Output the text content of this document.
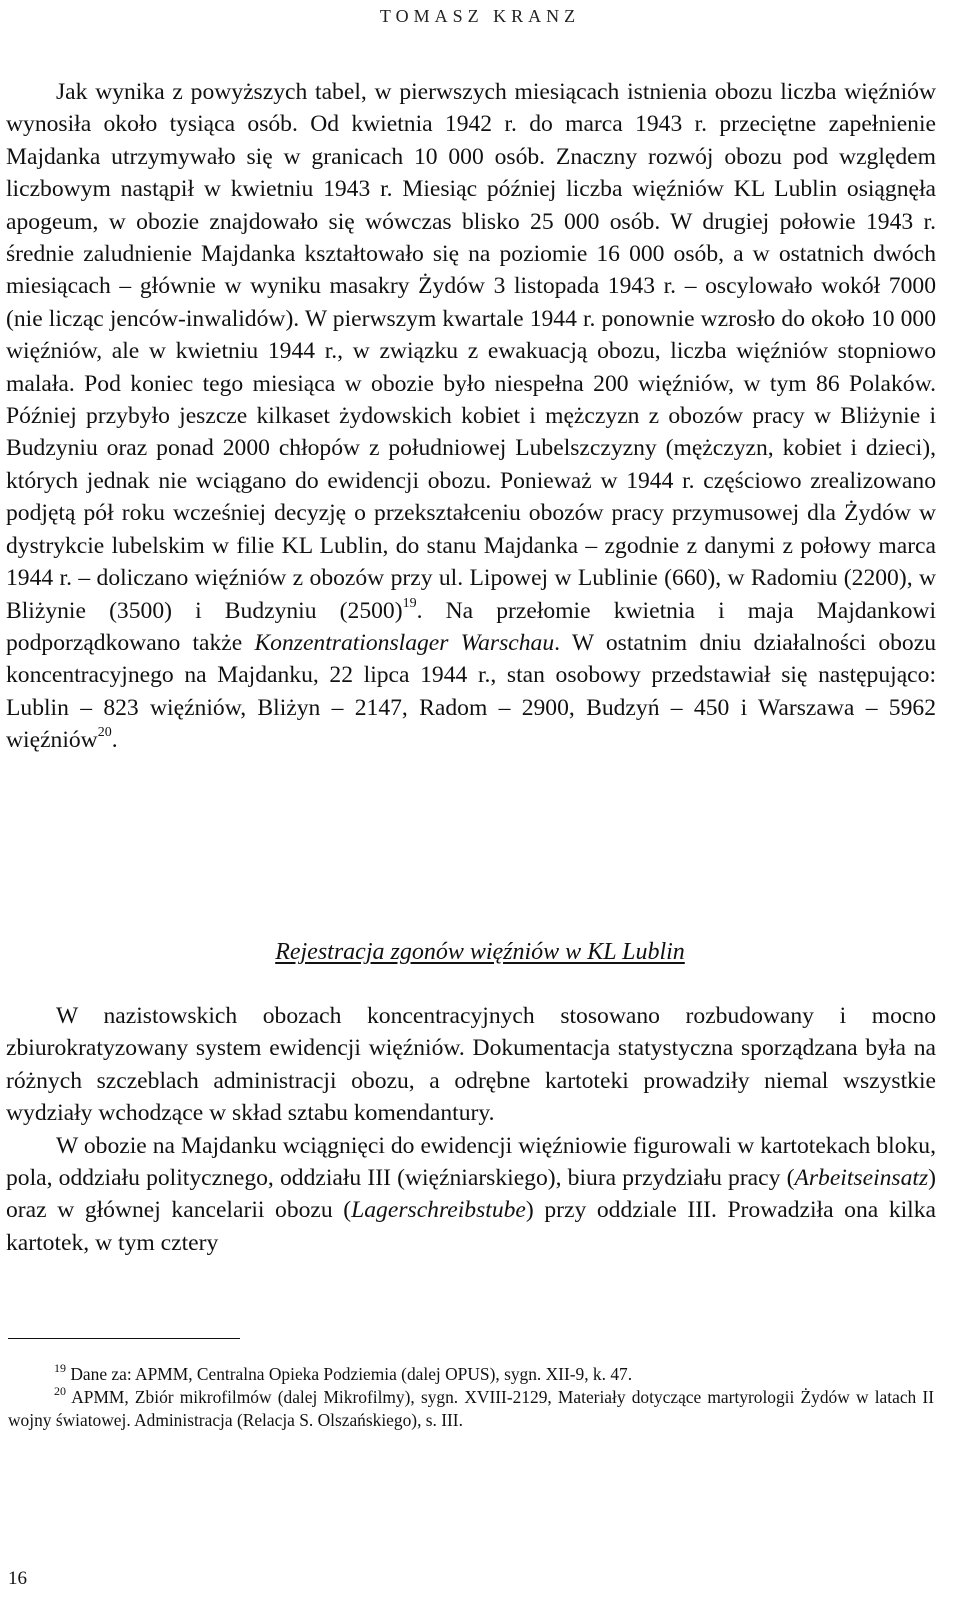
TOMASZ KRANZ

Jak wynika z powyższych tabel, w pierwszych miesiącach istnienia obozu liczba więźniów wynosiła około tysiąca osób. Od kwietnia 1942 r. do marca 1943 r. przeciętne zapełnienie Majdanka utrzymywało się w granicach 10 000 osób. Znaczny rozwój obozu pod względem liczbowym nastąpił w kwietniu 1943 r. Miesiąc później liczba więźniów KL Lublin osiągnęła apogeum, w obozie znajdowało się wówczas blisko 25 000 osób. W drugiej połowie 1943 r. średnie zaludnienie Majdanka kształtowało się na poziomie 16 000 osób, a w ostatnich dwóch miesiącach – głównie w wyniku masakry Żydów 3 listopada 1943 r. – oscylowało wokół 7000 (nie licząc jenców-inwalidów). W pierwszym kwartale 1944 r. ponownie wzrosło do około 10 000 więźniów, ale w kwietniu 1944 r., w związku z ewakuacją obozu, liczba więźniów stopniowo malała. Pod koniec tego miesiąca w obozie było niespełna 200 więźniów, w tym 86 Polaków. Później przybyło jeszcze kilkaset żydowskich kobiet i mężczyzn z obozów pracy w Bliżynie i Budzyniu oraz ponad 2000 chłopów z południowej Lubelszczyzny (mężczyzn, kobiet i dzieci), których jednak nie wciągano do ewidencji obozu. Ponieważ w 1944 r. częściowo zrealizowano podjętą pół roku wcześniej decyzję o przekształceniu obozów pracy przymusowej dla Żydów w dystrykcie lubelskim w filie KL Lublin, do stanu Majdanka – zgodnie z danymi z połowy marca 1944 r. – doliczano więźniów z obozów przy ul. Lipowej w Lublinie (660), w Radomiu (2200), w Bliżynie (3500) i Budzyniu $(2500)^{19}$. Na przełomie kwietnia i maja Majdankowi podporządkowano także Konzentrationslager Warschau. W ostatnim dniu działalności obozu koncentracyjnego na Majdanku, 22 lipca 1944 r., stan osobowy przedstawiał się następująco: Lublin – 823 więźniów, Bliżyn – 2147, Radom – 2900, Budzyń – 450 i Warszawa – 5962 więźniów$^{20}$.

Rejestracja zgonów więźniów w KL Lublin

W nazistowskich obozach koncentracyjnych stosowano rozbudowany i mocno zbiurokratyzowany system ewidencji więźniów. Dokumentacja statystyczna sporządzana była na różnych szczeblach administracji obozu, a odrębne kartoteki prowadziły niemal wszystkie wydziały wchodzące w skład sztabu komendantury.

W obozie na Majdanku wciągnięci do ewidencji więźniowie figurowali w kartotekach bloku, pola, oddziału politycznego, oddziału III (więźniarskiego), biura przydziału pracy (Arbeitseinsatz) oraz w głównej kancelarii obozu (Lagerschreibstube) przy oddziale III. Prowadziła ona kilka kartotek, w tym cztery

$^{19}$ Dane za: APMM, Centralna Opieka Podziemia (dalej OPUS), sygn. XII-9, k. 47.

$^{20}$ APMM, Zbiór mikrofilmów (dalej Mikrofilmy), sygn. XVIII-2129, Materiały dotyczące martyrologii Żydów w latach II wojny światowej. Administracja (Relacja S. Olszańskiego), s. III.

16
